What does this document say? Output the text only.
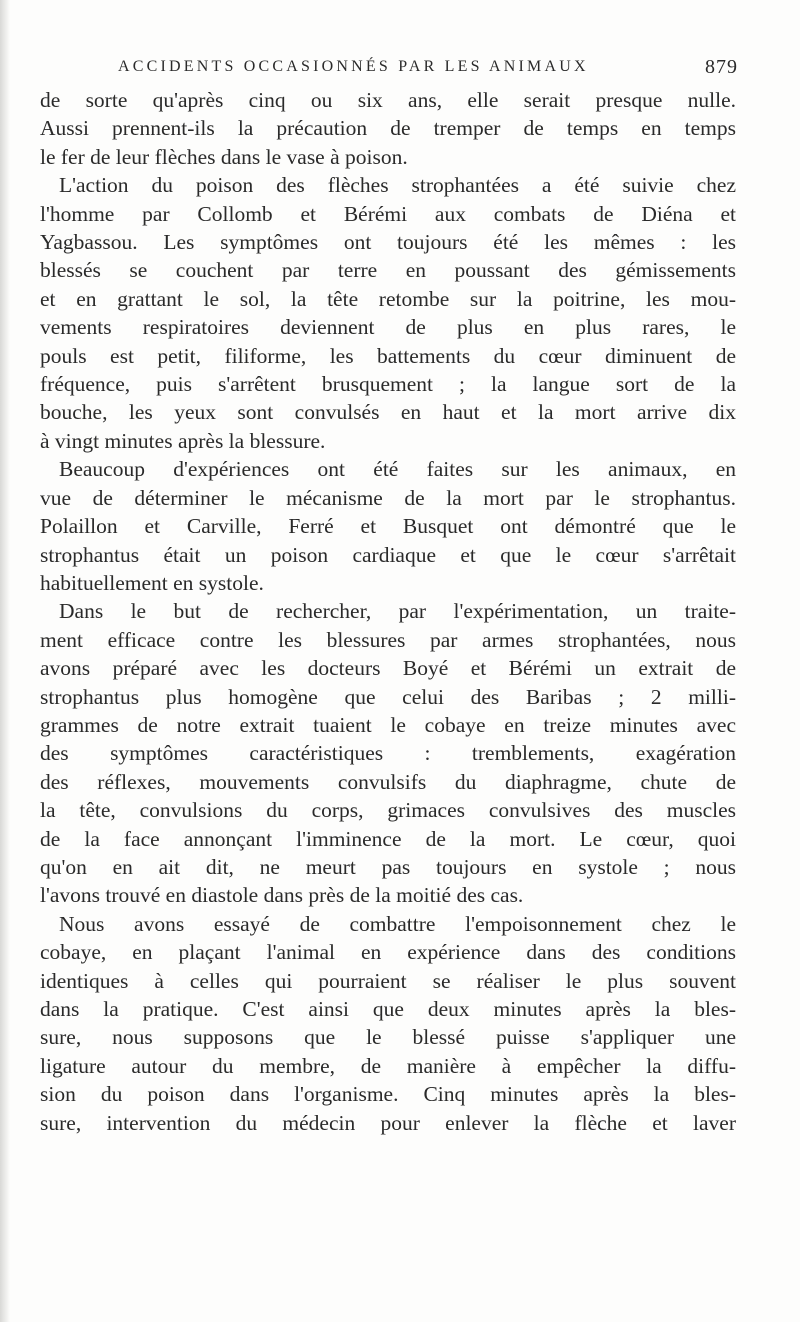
ACCIDENTS OCCASIONNÉS PAR LES ANIMAUX	879

de sorte qu'après cinq ou six ans, elle serait presque nulle.
Aussi prennent-ils la précaution de tremper de temps en temps
le fer de leur flèches dans le vase à poison.

L'action du poison des flèches strophantées a été suivie chez
l'homme par Collomb et Bérémi aux combats de Diéna et
Yagbassou. Les symptômes ont toujours été les mêmes : les
blessés se couchent par terre en poussant des gémissements
et en grattant le sol, la tête retombe sur la poitrine, les mou-
vements respiratoires deviennent de plus en plus rares, le
pouls est petit, filiforme, les battements du cœur diminuent de
fréquence, puis s'arrêtent brusquement ; la langue sort de la
bouche, les yeux sont convulsés en haut et la mort arrive dix
à vingt minutes après la blessure.

Beaucoup d'expériences ont été faites sur les animaux, en
vue de déterminer le mécanisme de la mort par le strophantus.
Polaillon et Carville, Ferré et Busquet ont démontré que le
strophantus était un poison cardiaque et que le cœur s'arrêtait
habituellement en systole.

Dans le but de rechercher, par l'expérimentation, un traite-
ment efficace contre les blessures par armes strophantées, nous
avons préparé avec les docteurs Boyé et Bérémi un extrait de
strophantus plus homogène que celui des Baribas ; 2 milli-
grammes de notre extrait tuaient le cobaye en treize minutes avec
des symptômes caractéristiques : tremblements, exagération
des réflexes, mouvements convulsifs du diaphragme, chute de
la tête, convulsions du corps, grimaces convulsives des muscles
de la face annonçant l'imminence de la mort. Le cœur, quoi
qu'on en ait dit, ne meurt pas toujours en systole ; nous
l'avons trouvé en diastole dans près de la moitié des cas.

Nous avons essayé de combattre l'empoisonnement chez le
cobaye, en plaçant l'animal en expérience dans des conditions
identiques à celles qui pourraient se réaliser le plus souvent
dans la pratique. C'est ainsi que deux minutes après la bles-
sure, nous supposons que le blessé puisse s'appliquer une
ligature autour du membre, de manière à empêcher la diffu-
sion du poison dans l'organisme. Cinq minutes après la bles-
sure, intervention du médecin pour enlever la flèche et laver
